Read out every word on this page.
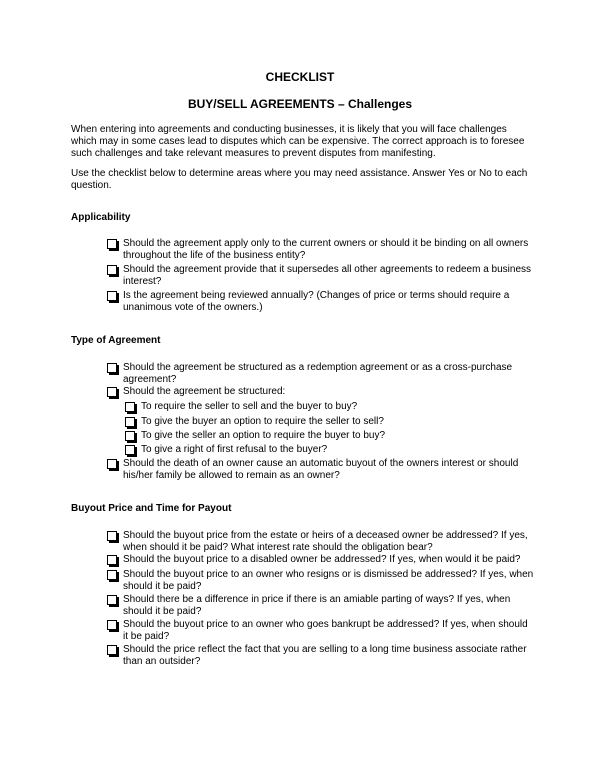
CHECKLIST
BUY/SELL AGREEMENTS – Challenges
When entering into agreements and conducting businesses, it is likely that you will face challenges which may in some cases lead to disputes which can be expensive. The correct approach is to foresee such challenges and take relevant measures to prevent disputes from manifesting.
Use the checklist below to determine areas where you may need assistance. Answer Yes or No to each question.
Applicability
Should the agreement apply only to the current owners or should it be binding on all owners throughout the life of the business entity?
Should the agreement provide that it supersedes all other agreements to redeem a business interest?
Is the agreement being reviewed annually? (Changes of price or terms should require a unanimous vote of the owners.)
Type of Agreement
Should the agreement be structured as a redemption agreement or as a cross-purchase agreement?
Should the agreement be structured:
To require the seller to sell and the buyer to buy?
To give the buyer an option to require the seller to sell?
To give the seller an option to require the buyer to buy?
To give a right of first refusal to the buyer?
Should the death of an owner cause an automatic buyout of the owners interest or should his/her family be allowed to remain as an owner?
Buyout Price and Time for Payout
Should the buyout price from the estate or heirs of a deceased owner be addressed? If yes, when should it be paid? What interest rate should the obligation bear?
Should the buyout price to a disabled owner be addressed? If yes, when would it be paid?
Should the buyout price to an owner who resigns or is dismissed be addressed? If yes, when should it be paid?
Should there be a difference in price if there is an amiable parting of ways? If yes, when should it be paid?
Should the buyout price to an owner who goes bankrupt be addressed? If yes, when should it be paid?
Should the price reflect the fact that you are selling to a long time business associate rather than an outsider?
